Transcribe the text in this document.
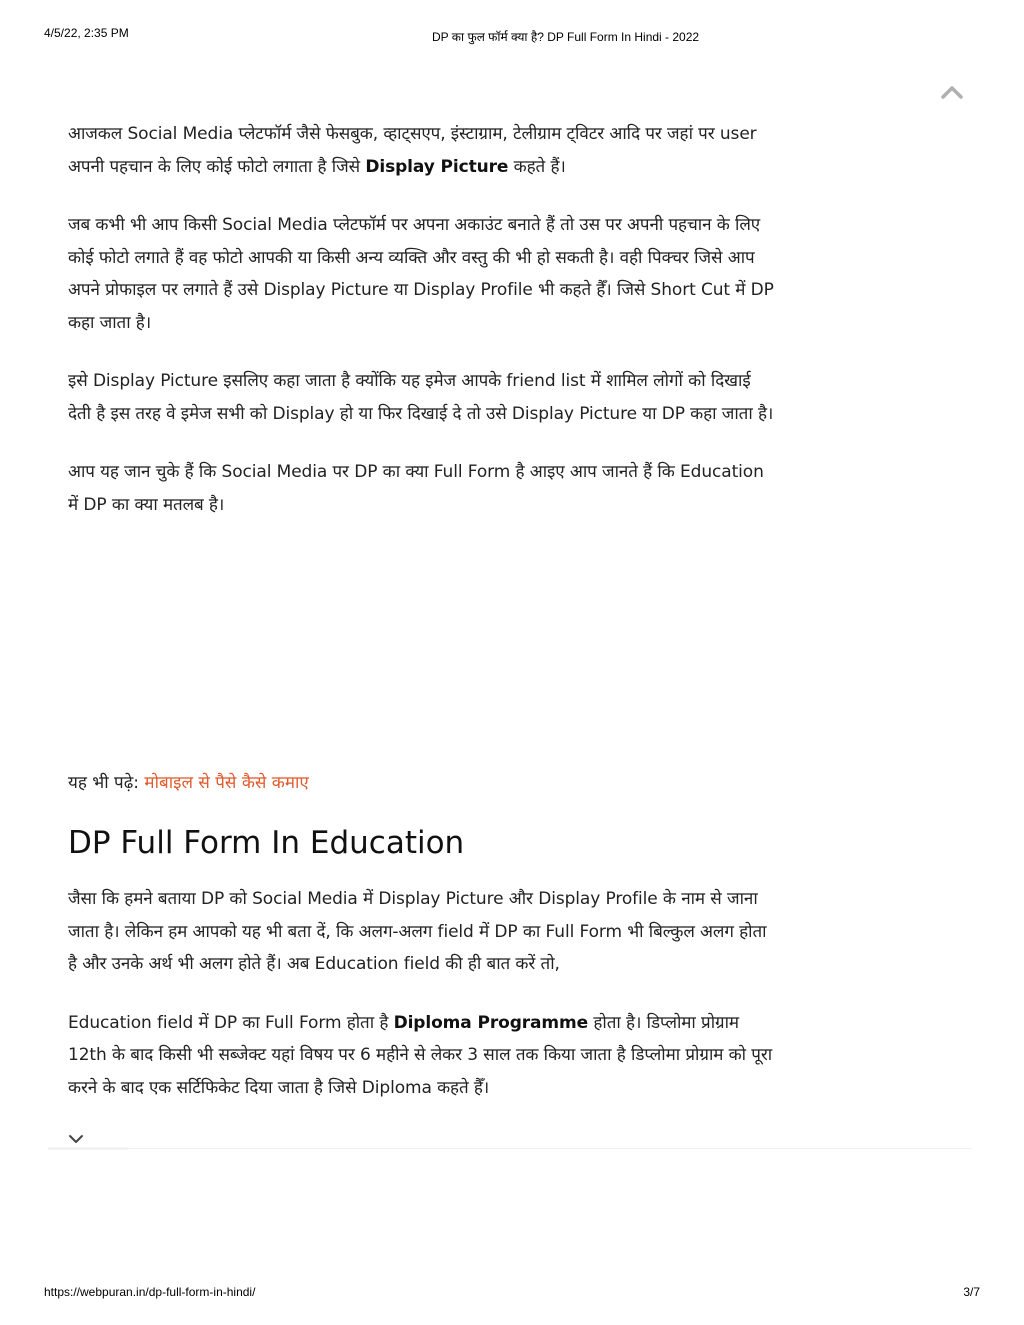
4/5/22, 2:35 PM	DP का फुल फॉर्म क्या है? DP Full Form In Hindi - 2022

आजकल Social Media प्लेटफॉर्म जैसे फेसबुक, व्हाट्सएप, इंस्टाग्राम, टेलीग्राम ट्विटर आदि पर जहां पर user अपनी पहचान के लिए कोई फोटो लगाता है जिसे Display Picture कहते हैं।

जब कभी भी आप किसी Social Media प्लेटफॉर्म पर अपना अकाउंट बनाते हैं तो उस पर अपनी पहचान के लिए कोई फोटो लगाते हैं वह फोटो आपकी या किसी अन्य व्यक्ति और वस्तु की भी हो सकती है। वही पिक्चर जिसे आप अपने प्रोफाइल पर लगाते हैं उसे Display Picture या Display Profile भी कहते हैँ। जिसे Short Cut में DP कहा जाता है।

इसे Display Picture इसलिए कहा जाता है क्योंकि यह इमेज आपके friend list में शामिल लोगों को दिखाई देती है इस तरह वे इमेज सभी को Display हो या फिर दिखाई दे तो उसे Display Picture या DP कहा जाता है।

आप यह जान चुके हैं कि Social Media पर DP का क्या Full Form है आइए आप जानते हैं कि Education में DP का क्या मतलब है।

यह भी पढ़े: मोबाइल से पैसे कैसे कमाए
DP Full Form In Education

जैसा कि हमने बताया DP को Social Media में Display Picture और Display Profile के नाम से जाना जाता है। लेकिन हम आपको यह भी बता दें, कि अलग-अलग field में DP का Full Form भी बिल्कुल अलग होता है और उनके अर्थ भी अलग होते हैं। अब Education field की ही बात करें तो,

Education field में DP का Full Form होता है Diploma Programme होता है। डिप्लोमा प्रोग्राम 12th के बाद किसी भी सब्जेक्ट यहां विषय पर 6 महीने से लेकर 3 साल तक किया जाता है डिप्लोमा प्रोग्राम को पूरा करने के बाद एक सर्टिफिकेट दिया जाता है जिसे Diploma कहते हैँ।

https://webpuran.in/dp-full-form-in-hindi/	3/7
